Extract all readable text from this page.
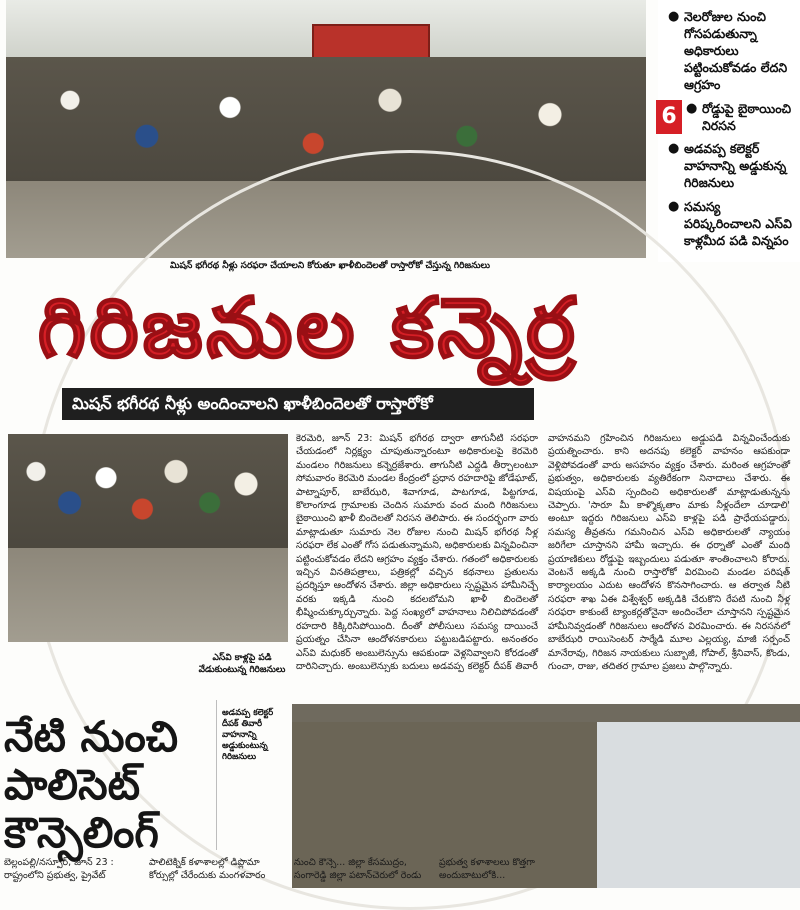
మిషన్ భగీరథ నీళ్లు సరఫరా చేయాలని కోరుతూ ఖాళీబిందెలతో రాస్తారోకో చేస్తున్న గిరిజనులు
● నెలరోజుల నుంచి గోసపడుతున్నా అధికారులు పట్టించుకోవడం లేదని ఆగ్రహం
● రోడ్డుపై బైఠాయించి నిరసన
● అడవప్ప కలెక్టర్ వాహనాన్ని అడ్డుకున్న గిరిజనులు
● సమస్య పరిష్కరించాలని ఎస్‌వి కాళ్లమీద పడి విన్నపం
6
గిరిజనుల కన్నెర్ర
మిషన్ భగీరథ నీళ్లు అందించాలని ఖాళీబిందెలతో రాస్తారోకో
ఎస్‌వి కాళ్లపై పడి వేడుకుంటున్న గిరిజనులు

కెరమెరి, జూన్ 23: మిషన్ భగీరథ ద్వారా తాగునీటి సరఫరా చేయడంలో నిర్లక్ష్యం చూపుతున్నారంటూ అధికారులపై కెరమెరి మండలం గిరిజనులు కన్నెర్రజేశారు. తాగునీటి ఎద్దడి తీర్చాలంటూ సోమవారం కెరమెరి మండల కేంద్రంలో ప్రధాన రహదారిపై జోడేఘాట్, పాట్నాపూర్, బాబేఝరి, శివాగూడ, పాటగూడ, పిట్టగూడ, కొలాంగూడ గ్రామాలకు చెందిన సుమారు వంద మంది గిరిజనులు బైఠాయించి ఖాళీ బిందెలతో నిరసన తెలిపారు. ఈ సందర్భంగా వారు మాట్లాడుతూ సుమారు నెల రోజుల నుంచి మిషన్ భగీరథ నీళ్ల సరఫరా లేక ఎంతో గోస పడుతున్నామని, అధికారులకు విన్నవించినా పట్టించుకోవడం లేదని ఆగ్రహం వ్యక్తం చేశారు. గతంలో అధికారులకు ఇచ్చిన వినతిపత్రాలు, పత్రికల్లో వచ్చిన కథనాలు ప్రతులను ప్రదర్శిస్తూ ఆందోళన చేశారు. జిల్లా అధికారులు స్పష్టమైన హామీనిచ్చే వరకు ఇక్కడి నుంచి కదలబోమని ఖాళీ బిందెలతో భీష్మించుక్కూర్చున్నారు. పెద్ద సంఖ్యలో వాహనాలు నిలిచిపోవడంతో రహదారి కిక్కిరిసిపోయింది. దీంతో పోలీసులు సమస్య దాయించే ప్రయత్నం చేసినా ఆందోళనకారులు పట్టుబడిపట్టారు. అనంతరం ఎస్‌వి మధుకర్ అంబులెన్సును ఆపకుండా వెళ్లనివ్వాలని కోరడంతో దారినిచ్చారు. అంబులెన్సుకు బదులు అడవప్ప కలెక్టర్ దీపక్ తివారీ వాహనమని గ్రహించిన గిరిజనులు అడ్డుపడి విన్నవించేందుకు ప్రయత్నించారు. కాని అదనపు కలెక్టర్ వాహనం ఆపకుండా వెళ్లిపోవడంతో వారు అసహనం వ్యక్తం చేశారు. మరింత ఆగ్రహంతో ప్రభుత్వం, అధికారులకు వ్యతిరేకంగా నినాదాలు చేశారు. ఈ విషయంపై ఎస్‌వి స్పందించి అధికారులతో మాట్లాడుతున్నను చెప్పారు. 'సారూ మీ కాళ్మొక్కతాం మాకు నీళ్లందేలా చూడాలి' అంటూ ఇద్దరు గిరిజనులు ఎస్‌వి కాళ్లపై పడి ప్రాధేయపడ్డారు. సమస్య తీవ్రతను గమనించిన ఎస్‌వి అధికారులతో న్యాయం జరిగేలా చూస్తానని హామీ ఇచ్చారు. ఈ ధర్నాతో ఎంతో మంది ప్రయాణికులు రోడ్డుపై ఇబ్బందులు పడుతూ శాంతించాలని కోరారు. వెంటనే అక్కడి నుంచి రాస్తారోకో విరమించి మండల పరిషత్ కార్యాలయం ఎదుట ఆందోళన కొనసాగించారు. ఆ తర్వాత నీటి సరఫరా శాఖ ఏఈ విశ్వేశ్వర్ అక్కడికి చేరుకొని రేపటి నుంచి నీళ్ల సరఫరా కాకుంటే ట్యాంకర్లతోనైనా అందించేలా చూస్తానని స్పష్టమైన హామీనివ్వడంతో గిరిజనులు ఆందోళన విరమించారు. ఈ నిరసనలో బాబేఝరి రాయిసెంటర్ సార్మేడి మూల ఎల్లయ్య, మాజీ సర్పంచ్ మానేరావు, గిరిజన నాయకులు సుబ్బాజీ, గోపాల్, శ్రీనివాస్, కొండు, గుంచా, రాజు, తదితర గ్రామాల ప్రజలు పాల్గొన్నారు.

అడవప్ప కలెక్టర్ దీపక్ తివారీ వాహనాన్ని అడ్డుకుంటున్న గిరిజనులు
నేటి నుంచి పాలిసెట్ కౌన్సెలింగ్

బెల్లంపల్లి/నస్పూర్, జూన్ 23 : రాష్ట్రంలోని ప్రభుత్వ, ప్రైవేట్ పాలిటెక్నిక్ కళాశాలల్లో డిప్లొమా కోర్సుల్లో చేరేందుకు మంగళవారం నుంచి కౌన్సె... జిల్లా కేసముద్రం, సంగారెడ్డి జిల్లా పటాన్‌చెరులో రెండు ప్రభుత్వ కళాశాలలు కొత్తగా అందుబాటులోకి...
